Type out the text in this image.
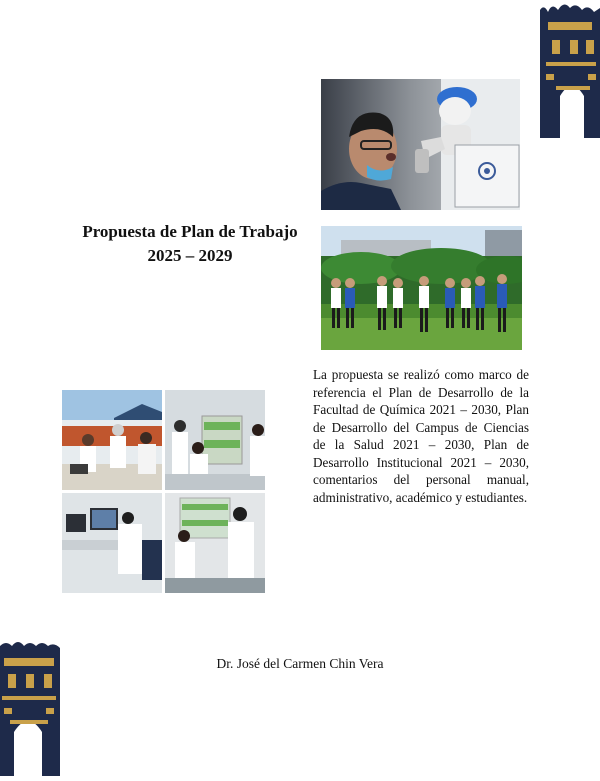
Propuesta de Plan de Trabajo
2025 – 2029
La propuesta se realizó como marco de referencia el Plan de Desarrollo de la Facultad de Química 2021 – 2030, Plan de Desarrollo del Campus de Ciencias de la Salud 2021 – 2030, Plan de Desarrollo Institucional 2021 – 2030, comentarios del personal manual, administrativo, académico y estudiantes.
Dr. José del Carmen Chin Vera
